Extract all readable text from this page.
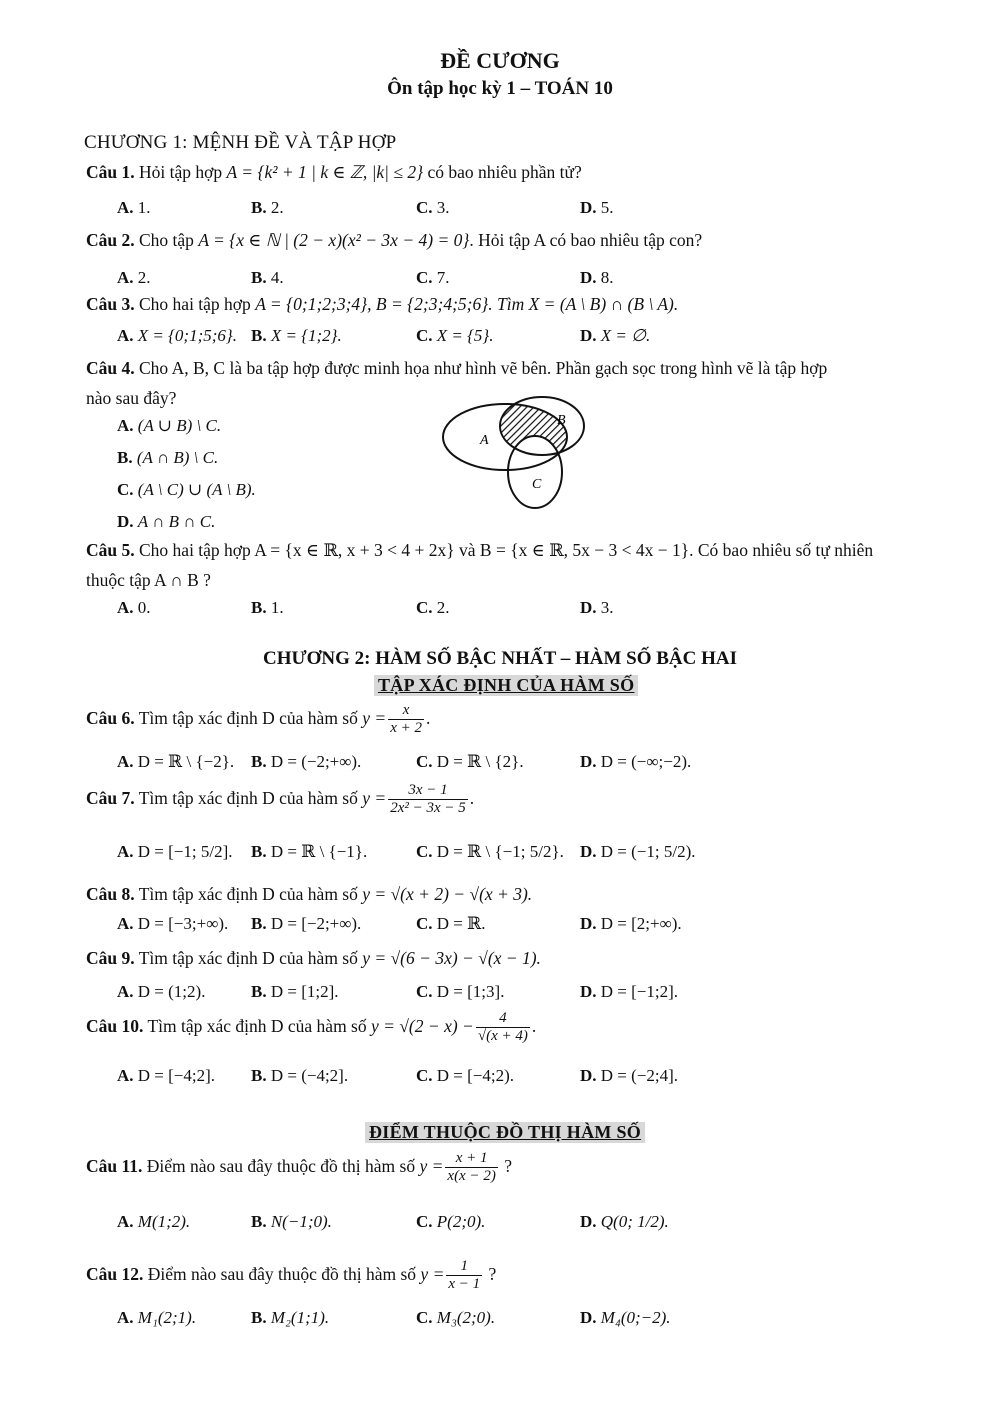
ĐỀ CƯƠNG
Ôn tập học kỳ 1 – TOÁN 10
CHƯƠNG 1: MỆNH ĐỀ VÀ TẬP HỢP
Câu 1. Hỏi tập hợp A = {k² + 1 | k ∈ ℤ, |k| ≤ 2} có bao nhiêu phần tử?
A. 1.	B. 2.	C. 3.	D. 5.
Câu 2. Cho tập A = {x ∈ ℕ | (2 − x)(x² − 3x − 4) = 0}. Hỏi tập A có bao nhiêu tập con?
A. 2.	B. 4.	C. 7.	D. 8.
Câu 3. Cho hai tập hợp A = {0;1;2;3;4}, B = {2;3;4;5;6}. Tìm X = (A \ B) ∩ (B \ A).
A. X = {0;1;5;6}. B. X = {1;2}.	C. X = {5}.	D. X = ∅.
Câu 4. Cho A, B, C là ba tập hợp được minh họa như hình vẽ bên. Phần gạch sọc trong hình vẽ là tập hợp
nào sau đây?
A. (A ∪ B) \ C.
B. (A ∩ B) \ C.
C. (A \ C) ∪ (A \ B).
D. A ∩ B ∩ C.
A
B
C
Câu 5. Cho hai tập hợp A = {x ∈ ℝ, x + 3 < 4 + 2x} và B = {x ∈ ℝ, 5x − 3 < 4x − 1}. Có bao nhiêu số tự nhiên
thuộc tập A ∩ B ?
A. 0.	B. 1.	C. 2.	D. 3.
CHƯƠNG 2: HÀM SỐ BẬC NHẤT – HÀM SỐ BẬC HAI
TẬP XÁC ĐỊNH CỦA HÀM SỐ
Câu 6. Tìm tập xác định D của hàm số $y = \frac{x}{x + 2}$ .
A. D = ℝ \ {−2}. B. D = (−2;+∞).	C. D = ℝ \ {2}.	D. D = (−∞;−2).
Câu 7. Tìm tập xác định D của hàm số $y = \frac{3x - 1}{\text{2x² − 3x − 5}}$ .
A. D = [−1; 5/2]. B. D = ℝ \ {−1}.	C. D = ℝ \ {−1; 5/2}. D. D = (−1; 5/2).
Câu 8. Tìm tập xác định D của hàm số y = √(x + 2) − √(x + 3).
A. D = [−3;+∞). B. D = [−2;+∞).	C. D = ℝ.	D. D = [2;+∞).
Câu 9. Tìm tập xác định D của hàm số y = √(6 − 3x) − √(x − 1).
A. D = (1;2).	B. D = [1;2].	C. D = [1;3].	D. D = [−1;2].
Câu 10. Tìm tập xác định D của hàm số $y = √(2 - x) - \frac{4}{√(x + 4)}$ .
A. D = [−4;2]. B. D = (−4;2].	C. D = [−4;2).	D. D = (−2;4].
ĐIỂM THUỘC ĐỒ THỊ HÀM SỐ
Câu 11. Điểm nào sau đây thuộc đồ thị hàm số $y = \frac{x + 1}{x(x - 2)}$ ?
A. M(1;2).	B. N(−1;0).	C. P(2;0).	D. Q(0; 1/2).
Câu 12. Điểm nào sau đây thuộc đồ thị hàm số $y = \frac{1}{x - 1}$ ?
A. M₁(2;1).	B. M₂(1;1).	C. M₃(2;0).	D. M₄(0;−2).
